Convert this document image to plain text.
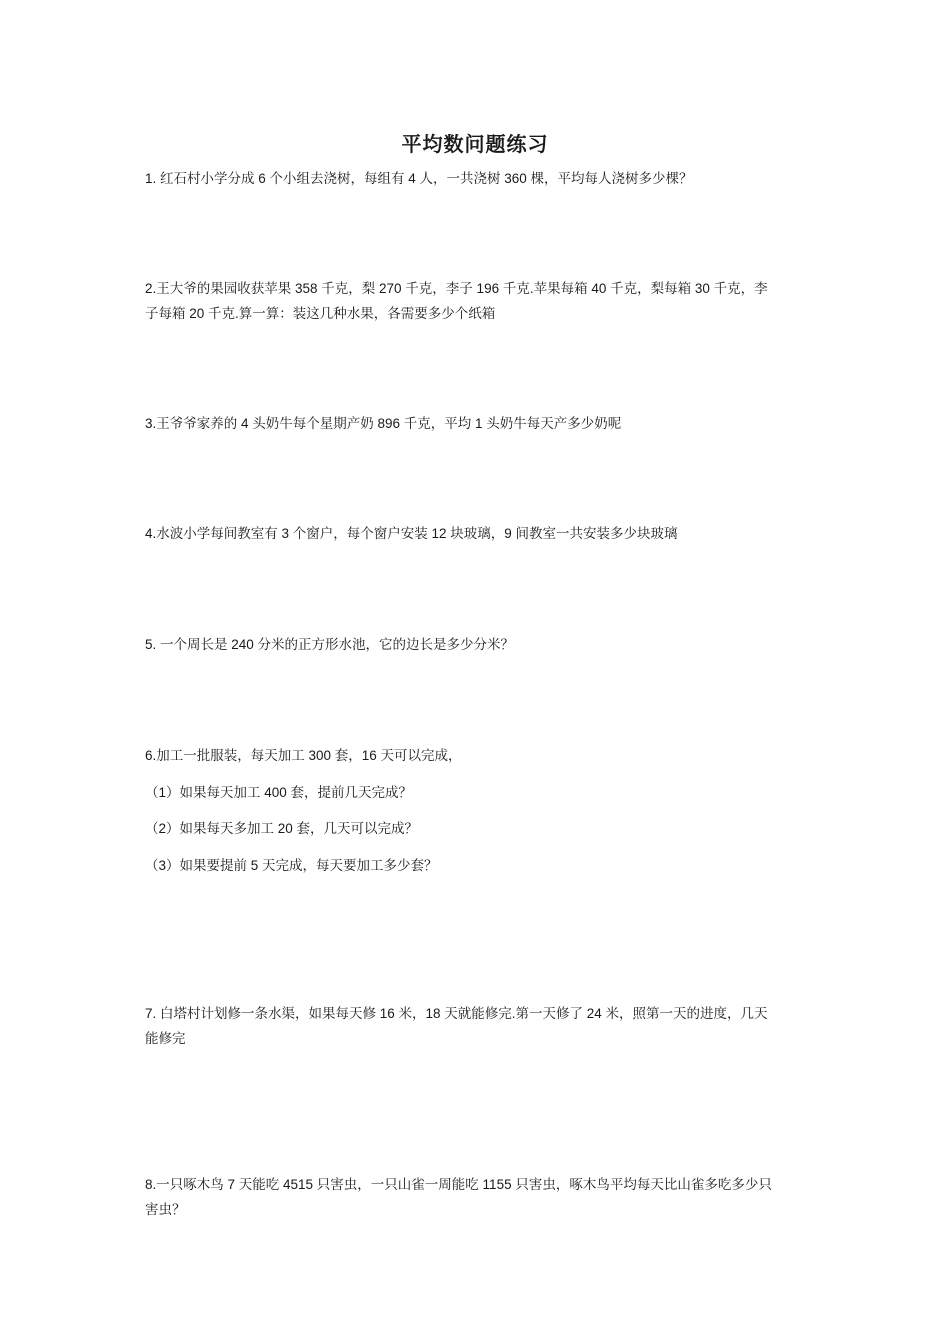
平均数问题练习
1. 红石村小学分成 6 个小组去浇树，每组有 4 人，一共浇树 360 棵，平均每人浇树多少棵？
2.王大爷的果园收获苹果 358 千克，梨 270 千克，李子 196 千克.苹果每箱 40 千克，梨每箱 30 千克，李
子每箱 20 千克.算一算：装这几种水果，各需要多少个纸箱
3.王爷爷家养的 4 头奶牛每个星期产奶 896 千克，平均 1 头奶牛每天产多少奶呢
4.水波小学每间教室有 3 个窗户，每个窗户安装 12 块玻璃，9 间教室一共安装多少块玻璃
5. 一个周长是 240 分米的正方形水池，它的边长是多少分米？
6.加工一批服装，每天加工 300 套，16 天可以完成，
（1）如果每天加工 400 套，提前几天完成？
（2）如果每天多加工 20 套，几天可以完成？
（3）如果要提前 5 天完成，每天要加工多少套？
7. 白塔村计划修一条水渠，如果每天修 16 米，18 天就能修完.第一天修了 24 米，照第一天的进度，几天
能修完
8.一只啄木鸟 7 天能吃 4515 只害虫，一只山雀一周能吃 1155 只害虫，啄木鸟平均每天比山雀多吃多少只
害虫？
